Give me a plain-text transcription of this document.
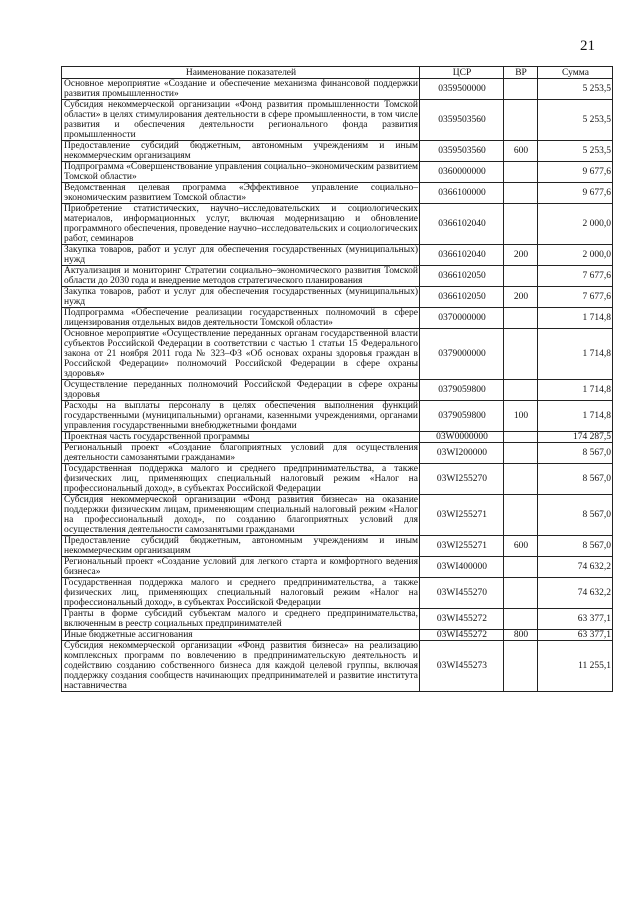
21
Наименование показателей	ЦСР	ВР	Сумма
Основное мероприятие «Создание и обеспечение механизма финансовой поддержки развития промышленности»	0359500000		5 253,5
Субсидия некоммерческой организации «Фонд развития промышленности Томской области» в целях стимулирования деятельности в сфере промышленности, в том числе развития и обеспечения деятельности регионального фонда развития промышленности	0359503560		5 253,5
Предоставление субсидий бюджетным, автономным учреждениям и иным некоммерческим организациям	0359503560	600	5 253,5
Подпрограмма «Совершенствование управления социально–экономическим развитием Томской области»	0360000000		9 677,6
Ведомственная целевая программа «Эффективное управление социально–экономическим развитием Томской области»	0366100000		9 677,6
Приобретение статистических, научно–исследовательских и социологических материалов, информационных услуг, включая модернизацию и обновление программного обеспечения, проведение научно–исследовательских и социологических работ, семинаров	0366102040		2 000,0
Закупка товаров, работ и услуг для обеспечения государственных (муниципальных) нужд	0366102040	200	2 000,0
Актуализация и мониторинг Стратегии социально–экономического развития Томской области до 2030 года и внедрение методов стратегического планирования	0366102050		7 677,6
Закупка товаров, работ и услуг для обеспечения государственных (муниципальных) нужд	0366102050	200	7 677,6
Подпрограмма «Обеспечение реализации государственных полномочий в сфере лицензирования отдельных видов деятельности Томской области»	0370000000		1 714,8
Основное мероприятие «Осуществление переданных органам государственной власти субъектов Российской Федерации в соответствии с частью 1 статьи 15 Федерального закона от 21 ноября 2011 года № 323–ФЗ «Об основах охраны здоровья граждан в Российской Федерации» полномочий Российской Федерации в сфере охраны здоровья»	0379000000		1 714,8
Осуществление переданных полномочий Российской Федерации в сфере охраны здоровья	0379059800		1 714,8
Расходы на выплаты персоналу в целях обеспечения выполнения функций государственными (муниципальными) органами, казенными учреждениями, органами управления государственными внебюджетными фондами	0379059800	100	1 714,8
Проектная часть государственной программы	03W0000000		174 287,5
Региональный проект «Создание благоприятных условий для осуществления деятельности самозанятыми гражданами»	03WI200000		8 567,0
Государственная поддержка малого и среднего предпринимательства, а также физических лиц, применяющих специальный налоговый режим «Налог на профессиональный доход», в субъектах Российской Федерации	03WI255270		8 567,0
Субсидия некоммерческой организации «Фонд развития бизнеса» на оказание поддержки физическим лицам, применяющим специальный налоговый режим «Налог на профессиональный доход», по созданию благоприятных условий для осуществления деятельности самозанятыми гражданами	03WI255271		8 567,0
Предоставление субсидий бюджетным, автономным учреждениям и иным некоммерческим организациям	03WI255271	600	8 567,0
Региональный проект «Создание условий для легкого старта и комфортного ведения бизнеса»	03WI400000		74 632,2
Государственная поддержка малого и среднего предпринимательства, а также физических лиц, применяющих специальный налоговый режим «Налог на профессиональный доход», в субъектах Российской Федерации	03WI455270		74 632,2
Гранты в форме субсидий субъектам малого и среднего предпринимательства, включенным в реестр социальных предпринимателей	03WI455272		63 377,1
Иные бюджетные ассигнования	03WI455272	800	63 377,1
Субсидия некоммерческой организации «Фонд развития бизнеса» на реализацию комплексных программ по вовлечению в предпринимательскую деятельность и содействию созданию собственного бизнеса для каждой целевой группы, включая поддержку создания сообществ начинающих предпринимателей и развитие института наставничества	03WI455273		11 255,1
